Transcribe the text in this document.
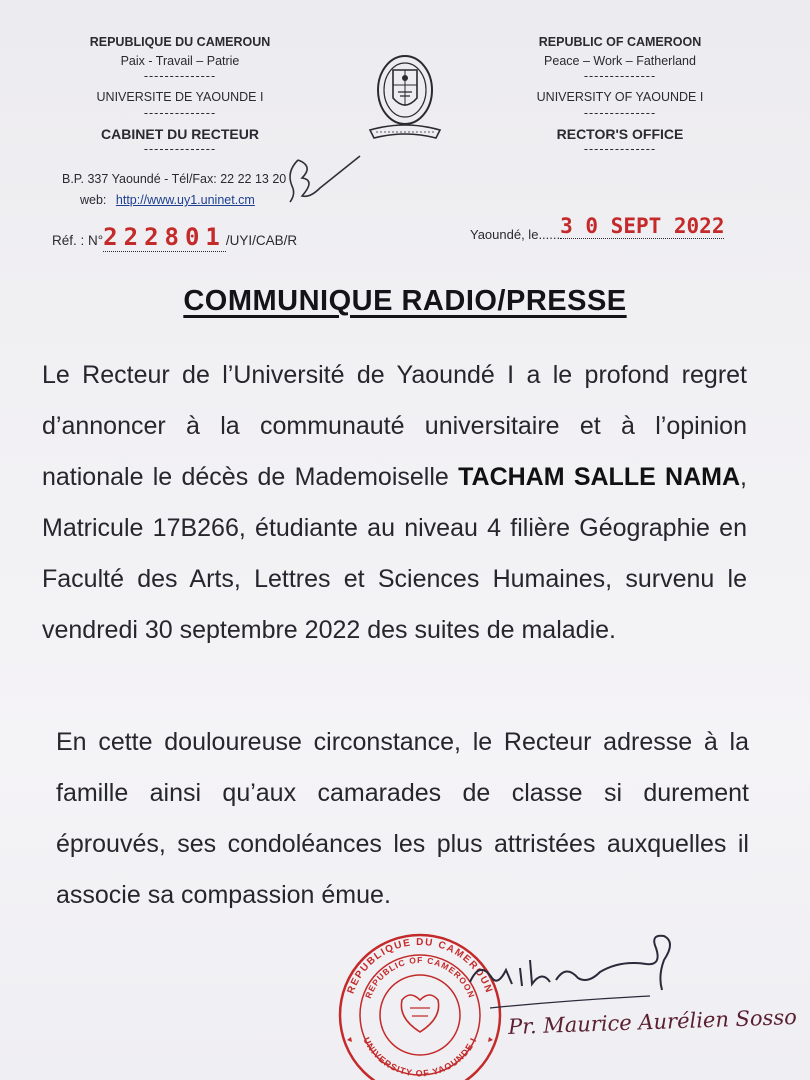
REPUBLIQUE DU CAMEROUN
Paix - Travail – Patrie
--------------
UNIVERSITE DE YAOUNDE I
--------------
CABINET DU RECTEUR
--------------
REPUBLIC OF CAMEROON
Peace – Work – Fatherland
--------------
UNIVERSITY OF YAOUNDE I
--------------
RECTOR'S OFFICE
--------------
B.P. 337 Yaoundé - Tél/Fax: 22 22 13 20
web: http://www.uy1.uninet.cm
Réf. : N°222801/UYI/CAB/R	Yaoundé, le......3 0 SEPT 2022
COMMUNIQUE RADIO/PRESSE
Le Recteur de l’Université de Yaoundé I a le profond regret d’annoncer à la communauté universitaire et à l’opinion nationale le décès de Mademoiselle TACHAM SALLE NAMA, Matricule 17B266, étudiante au niveau 4 filière Géographie en Faculté des Arts, Lettres et Sciences Humaines, survenu le vendredi 30 septembre 2022 des suites de maladie.
En cette douloureuse circonstance, le Recteur adresse à la famille ainsi qu’aux camarades de classe si durement éprouvés, ses condoléances les plus attristées auxquelles il associe sa compassion émue.
REPUBLIQUE DU CAMEROUN
REPUBLIC OF CAMEROON
UNIVERSITY OF YAOUNDE I
Pr. Maurice Aurélien Sosso
